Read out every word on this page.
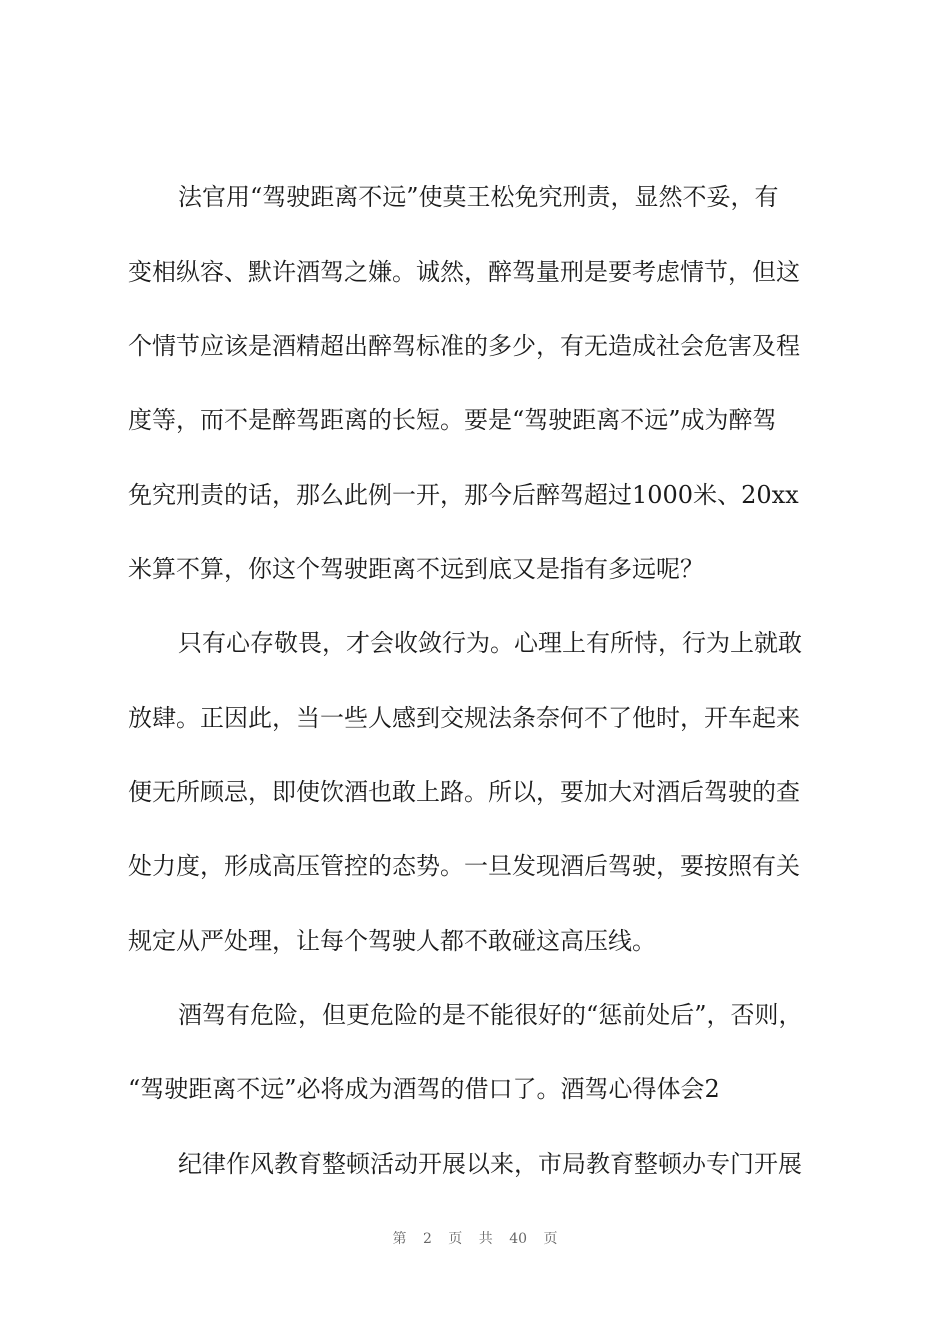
法官用“驾驶距离不远”使莫王松免究刑责，显然不妥，有
变相纵容、默许酒驾之嫌。诚然，醉驾量刑是要考虑情节，但这
个情节应该是酒精超出醉驾标准的多少，有无造成社会危害及程
度等，而不是醉驾距离的长短。要是“驾驶距离不远”成为醉驾
免究刑责的话，那么此例一开，那今后醉驾超过1000米、20xx
米算不算，你这个驾驶距离不远到底又是指有多远呢？
只有心存敬畏，才会收敛行为。心理上有所恃，行为上就敢
放肆。正因此，当一些人感到交规法条奈何不了他时，开车起来
便无所顾忌，即使饮酒也敢上路。所以，要加大对酒后驾驶的查
处力度，形成高压管控的态势。一旦发现酒后驾驶，要按照有关
规定从严处理，让每个驾驶人都不敢碰这高压线。
酒驾有危险，但更危险的是不能很好的“惩前处后”，否则，
“驾驶距离不远”必将成为酒驾的借口了。酒驾心得体会2
纪律作风教育整顿活动开展以来，市局教育整顿办专门开展
第 2 页 共 40 页
